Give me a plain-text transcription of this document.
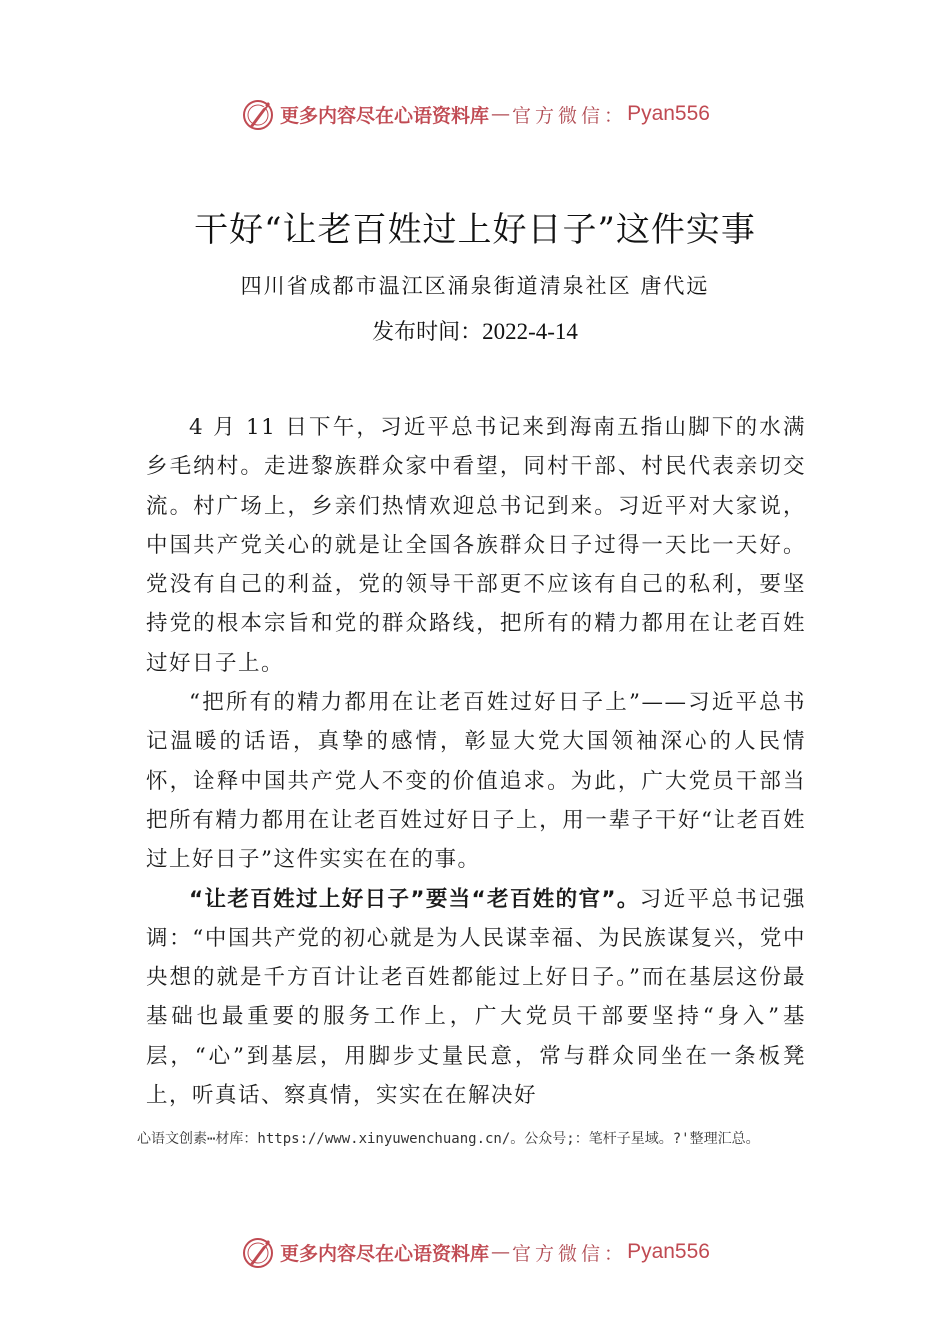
更多内容尽在心语资料库 — 官方微信： Pyan556
干好“让老百姓过上好日子”这件实事
四川省成都市温江区涌泉街道清泉社区 唐代远
发布时间：2022-4-14

4 月 11 日下午，习近平总书记来到海南五指山脚下的水满乡毛纳村。走进黎族群众家中看望，同村干部、村民代表亲切交流。村广场上，乡亲们热情欢迎总书记到来。习近平对大家说，中国共产党关心的就是让全国各族群众日子过得一天比一天好。党没有自己的利益，党的领导干部更不应该有自己的私利，要坚持党的根本宗旨和党的群众路线，把所有的精力都用在让老百姓过好日子上。

“把所有的精力都用在让老百姓过好日子上”——习近平总书记温暖的话语，真挚的感情，彰显大党大国领袖深心的人民情怀，诠释中国共产党人不变的价值追求。为此，广大党员干部当把所有精力都用在让老百姓过好日子上，用一辈子干好“让老百姓过上好日子”这件实实在在的事。

“让老百姓过上好日子”要当“老百姓的官”。习近平总书记强调：“中国共产党的初心就是为人民谋幸福、为民族谋复兴，党中央想的就是千方百计让老百姓都能过上好日子。”而在基层这份最基础也最重要的服务工作上，广大党员干部要坚持“身入”基层，“心”到基层，用脚步丈量民意，常与群众同坐在一条板凳上，听真话、察真情，实实在在解决好

心语文创素⋯材库：https://www.xinyuwenchuang.cn/。公众号;：笔杆子星域。?'整理汇总。
更多内容尽在心语资料库 — 官方微信： Pyan556
